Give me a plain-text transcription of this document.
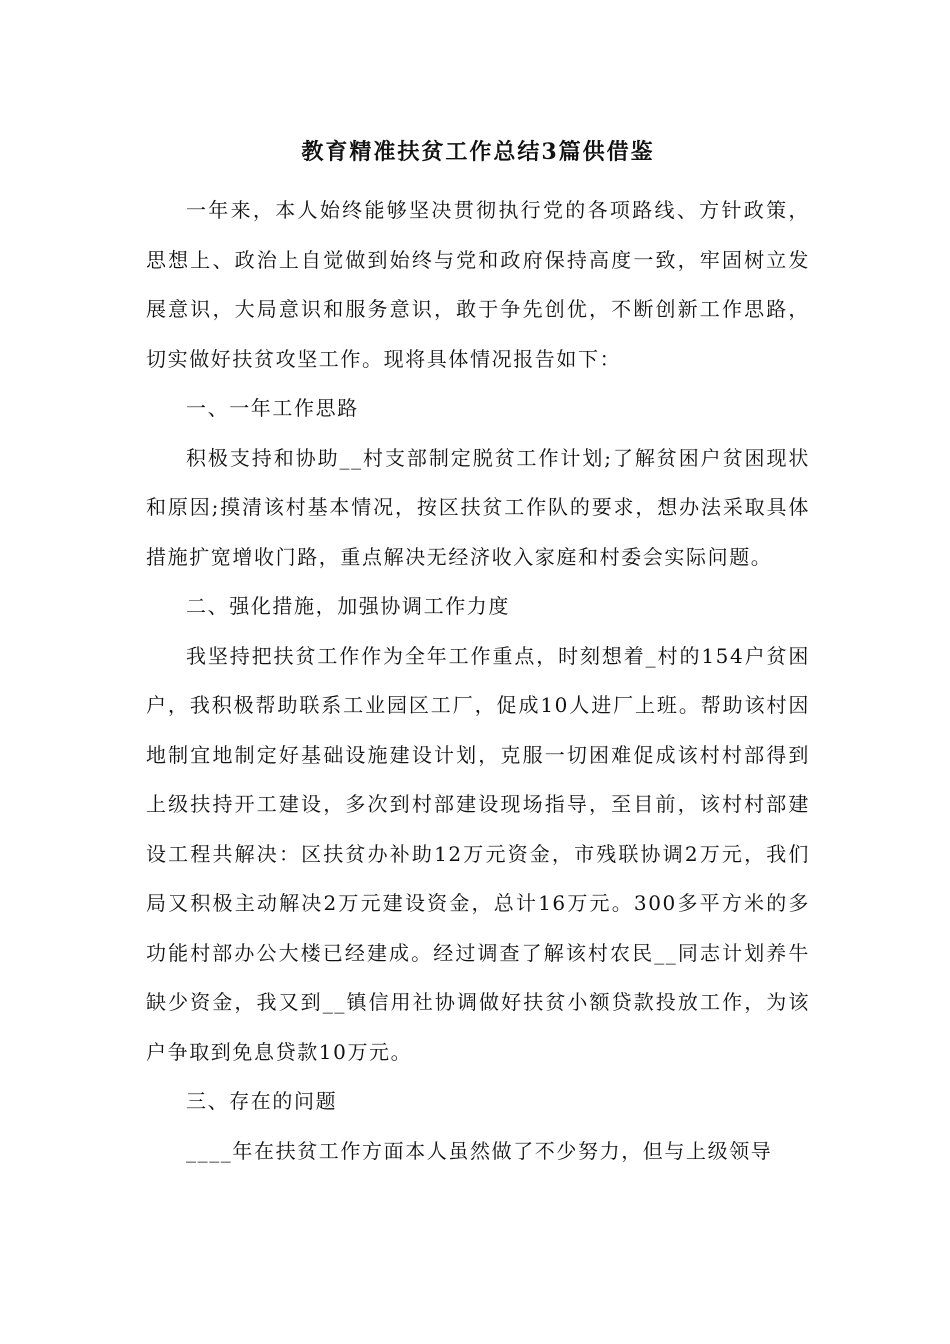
教育精准扶贫工作总结3篇供借鉴

一年来，本人始终能够坚决贯彻执行党的各项路线、方针政策，思想上、政治上自觉做到始终与党和政府保持高度一致，牢固树立发展意识，大局意识和服务意识，敢于争先创优，不断创新工作思路，切实做好扶贫攻坚工作。现将具体情况报告如下：

一、一年工作思路

积极支持和协助__村支部制定脱贫工作计划;了解贫困户贫困现状和原因;摸清该村基本情况，按区扶贫工作队的要求，想办法采取具体措施扩宽增收门路，重点解决无经济收入家庭和村委会实际问题。

二、强化措施，加强协调工作力度

我坚持把扶贫工作作为全年工作重点，时刻想着_村的154户贫困户，我积极帮助联系工业园区工厂，促成10人进厂上班。帮助该村因地制宜地制定好基础设施建设计划，克服一切困难促成该村村部得到上级扶持开工建设，多次到村部建设现场指导，至目前，该村村部建设工程共解决：区扶贫办补助12万元资金，市残联协调2万元，我们局又积极主动解决2万元建设资金，总计16万元。300多平方米的多功能村部办公大楼已经建成。经过调查了解该村农民__同志计划养牛缺少资金，我又到__镇信用社协调做好扶贫小额贷款投放工作，为该户争取到免息贷款10万元。

三、存在的问题

____年在扶贫工作方面本人虽然做了不少努力，但与上级领导
